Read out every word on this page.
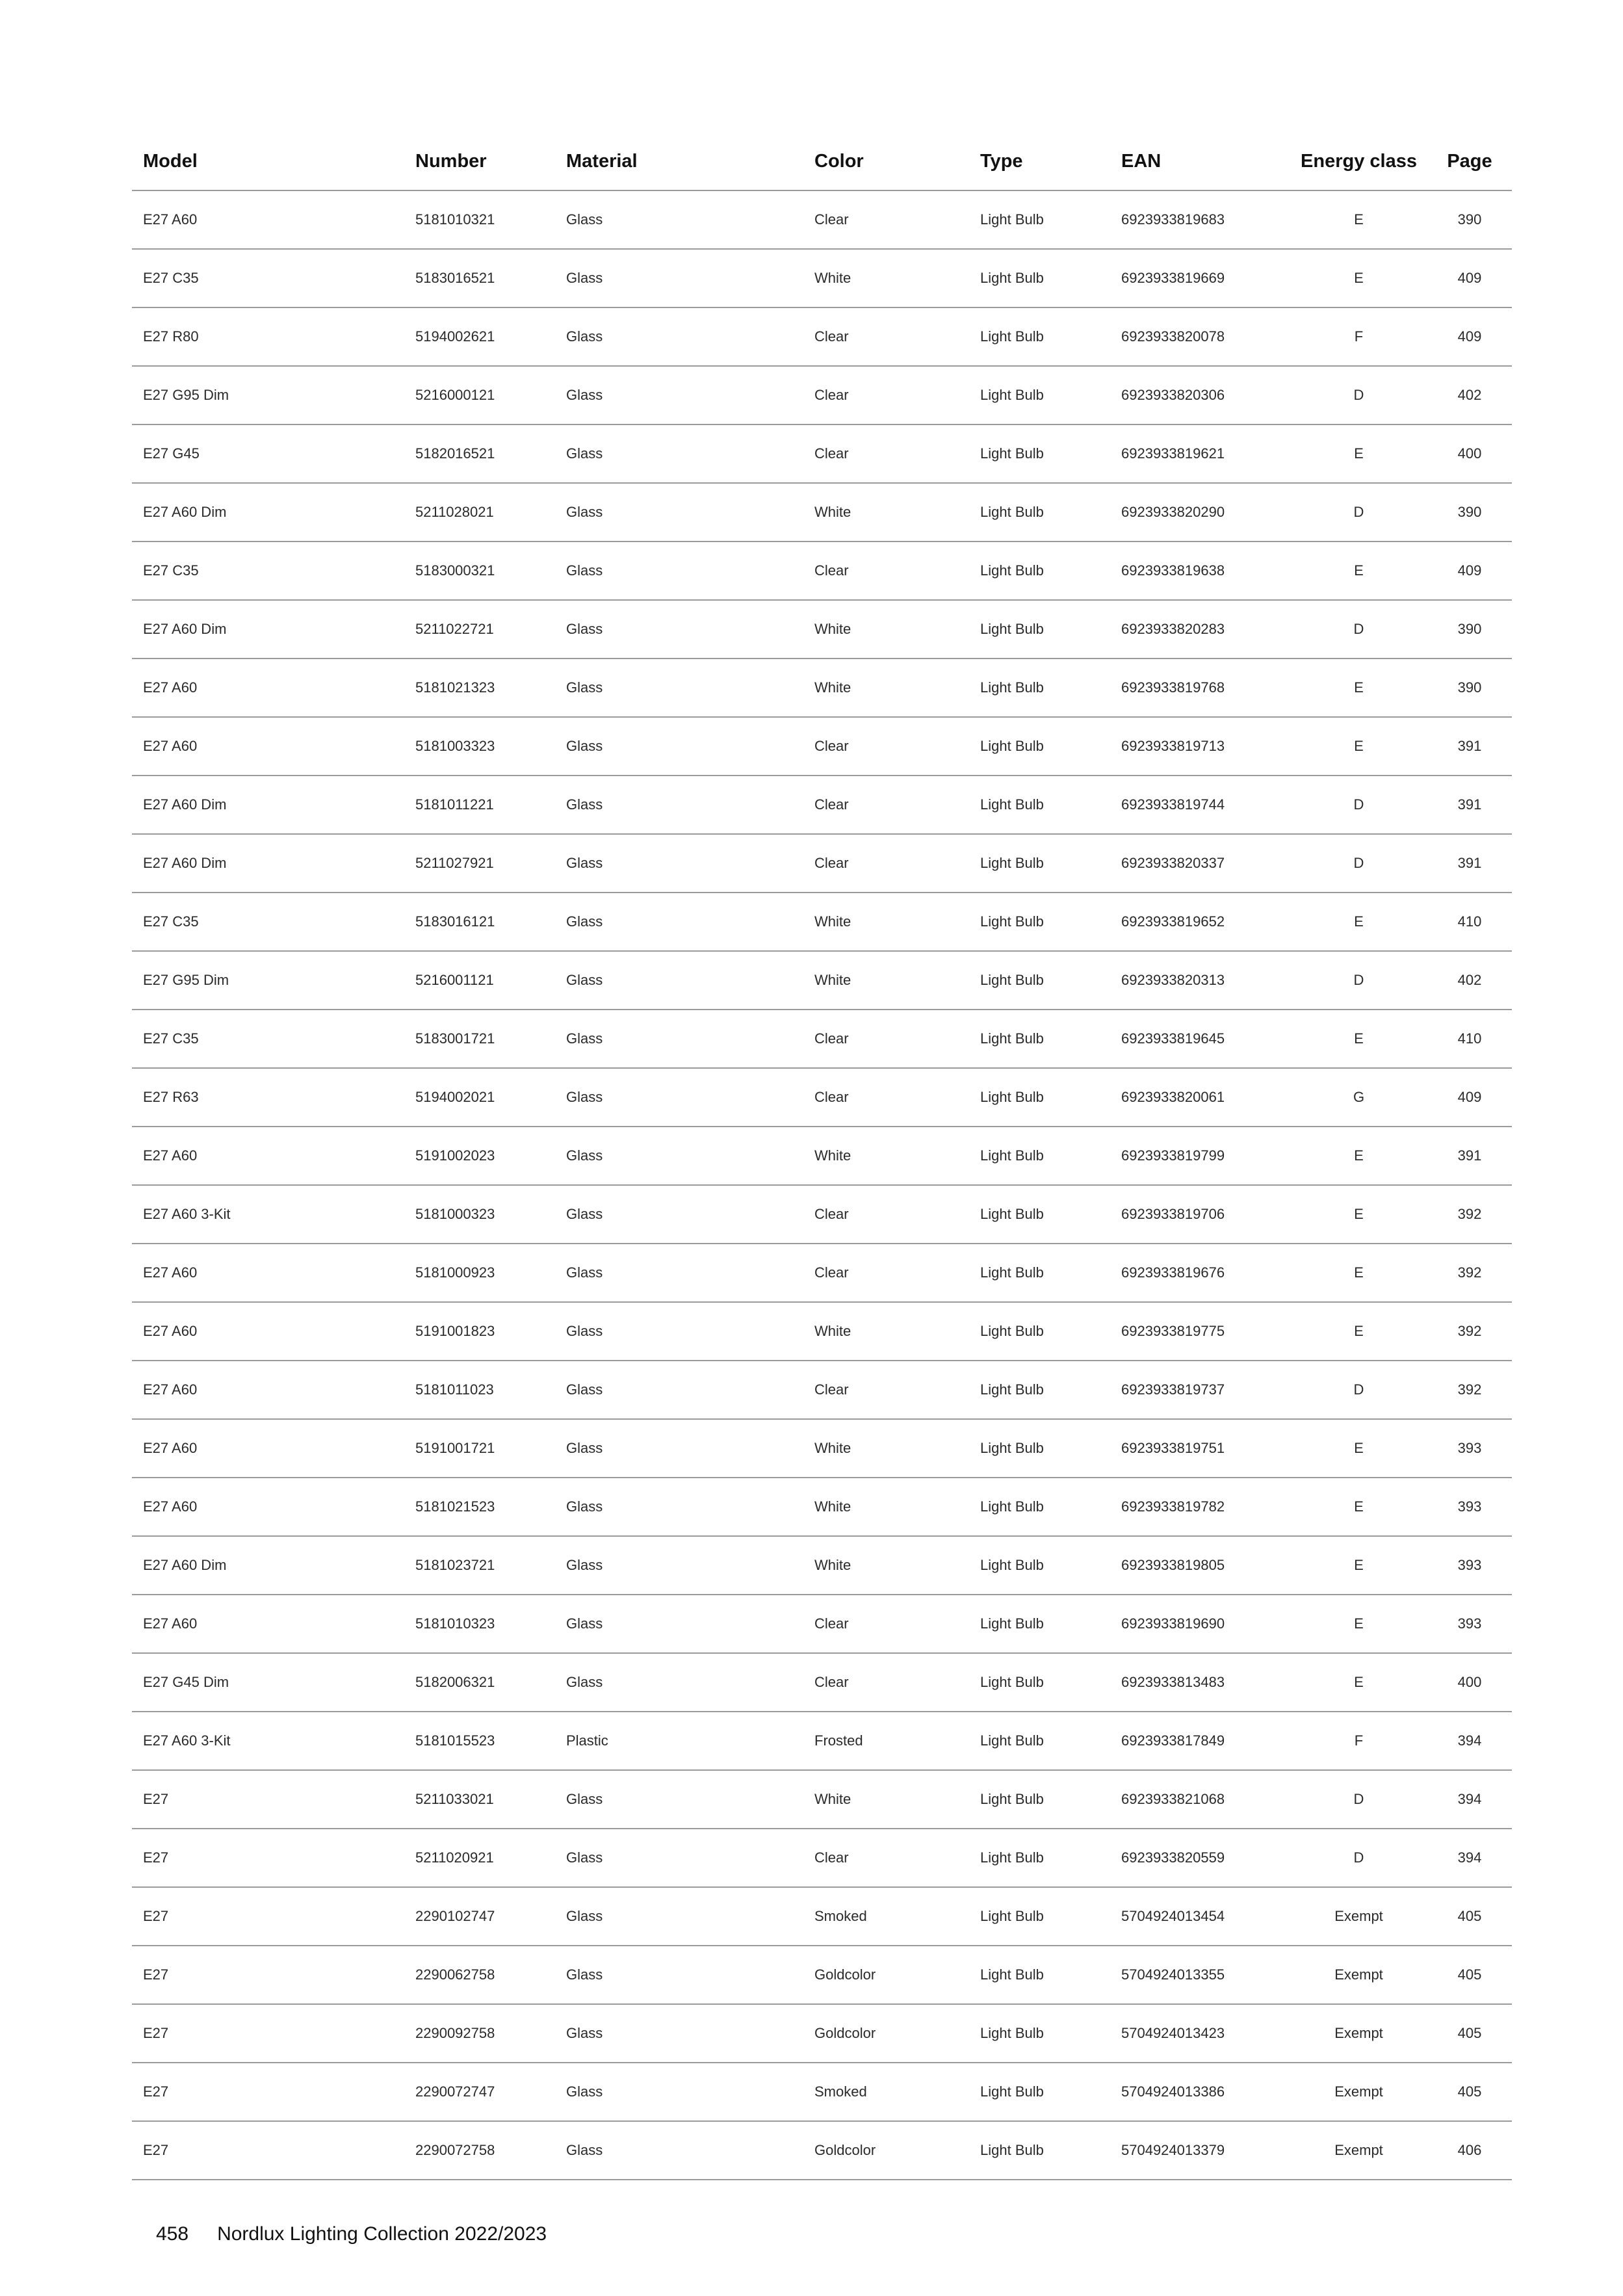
Model	Number	Material	Color	Type	EAN	Energy class	Page
E27 A60	5181010321	Glass	Clear	Light Bulb	6923933819683	E	390
E27 C35	5183016521	Glass	White	Light Bulb	6923933819669	E	409
E27 R80	5194002621	Glass	Clear	Light Bulb	6923933820078	F	409
E27 G95 Dim	5216000121	Glass	Clear	Light Bulb	6923933820306	D	402
E27 G45	5182016521	Glass	Clear	Light Bulb	6923933819621	E	400
E27 A60 Dim	5211028021	Glass	White	Light Bulb	6923933820290	D	390
E27 C35	5183000321	Glass	Clear	Light Bulb	6923933819638	E	409
E27 A60 Dim	5211022721	Glass	White	Light Bulb	6923933820283	D	390
E27 A60	5181021323	Glass	White	Light Bulb	6923933819768	E	390
E27 A60	5181003323	Glass	Clear	Light Bulb	6923933819713	E	391
E27 A60 Dim	5181011221	Glass	Clear	Light Bulb	6923933819744	D	391
E27 A60 Dim	5211027921	Glass	Clear	Light Bulb	6923933820337	D	391
E27 C35	5183016121	Glass	White	Light Bulb	6923933819652	E	410
E27 G95 Dim	5216001121	Glass	White	Light Bulb	6923933820313	D	402
E27 C35	5183001721	Glass	Clear	Light Bulb	6923933819645	E	410
E27 R63	5194002021	Glass	Clear	Light Bulb	6923933820061	G	409
E27 A60	5191002023	Glass	White	Light Bulb	6923933819799	E	391
E27 A60 3-Kit	5181000323	Glass	Clear	Light Bulb	6923933819706	E	392
E27 A60	5181000923	Glass	Clear	Light Bulb	6923933819676	E	392
E27 A60	5191001823	Glass	White	Light Bulb	6923933819775	E	392
E27 A60	5181011023	Glass	Clear	Light Bulb	6923933819737	D	392
E27 A60	5191001721	Glass	White	Light Bulb	6923933819751	E	393
E27 A60	5181021523	Glass	White	Light Bulb	6923933819782	E	393
E27 A60 Dim	5181023721	Glass	White	Light Bulb	6923933819805	E	393
E27 A60	5181010323	Glass	Clear	Light Bulb	6923933819690	E	393
E27 G45 Dim	5182006321	Glass	Clear	Light Bulb	6923933813483	E	400
E27 A60 3-Kit	5181015523	Plastic	Frosted	Light Bulb	6923933817849	F	394
E27	5211033021	Glass	White	Light Bulb	6923933821068	D	394
E27	5211020921	Glass	Clear	Light Bulb	6923933820559	D	394
E27	2290102747	Glass	Smoked	Light Bulb	5704924013454	Exempt	405
E27	2290062758	Glass	Goldcolor	Light Bulb	5704924013355	Exempt	405
E27	2290092758	Glass	Goldcolor	Light Bulb	5704924013423	Exempt	405
E27	2290072747	Glass	Smoked	Light Bulb	5704924013386	Exempt	405
E27	2290072758	Glass	Goldcolor	Light Bulb	5704924013379	Exempt	406
458 Nordlux Lighting Collection 2022/2023
